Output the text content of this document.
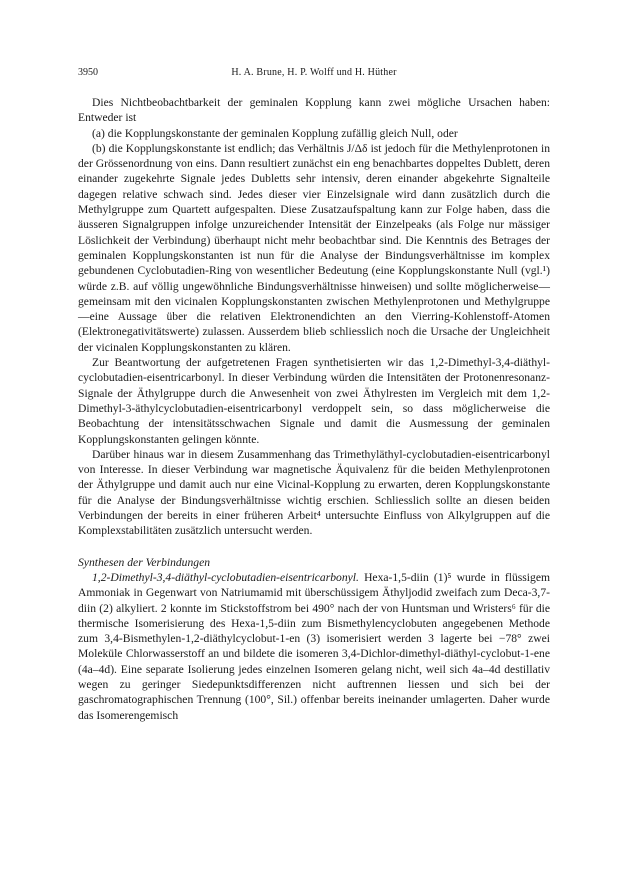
3950	H. A. Brune, H. P. Wolff und H. Hüther

Dies Nichtbeobachtbarkeit der geminalen Kopplung kann zwei mögliche Ursachen haben: Entweder ist

(a) die Kopplungskonstante der geminalen Kopplung zufällig gleich Null, oder

(b) die Kopplungskonstante ist endlich; das Verhältnis J/Δδ ist jedoch für die Methylenprotonen in der Grössenordnung von eins. Dann resultiert zunächst ein eng benachbartes doppeltes Dublett, deren einander zugekehrte Signale jedes Dubletts sehr intensiv, deren einander abgekehrte Signalteile dagegen relative schwach sind. Jedes dieser vier Einzelsignale wird dann zusätzlich durch die Methylgruppe zum Quartett aufgespalten. Diese Zusatzaufspaltung kann zur Folge haben, dass die äusseren Signalgruppen infolge unzureichender Intensität der Einzelpeaks (als Folge nur mässiger Löslichkeit der Verbindung) überhaupt nicht mehr beobachtbar sind. Die Kenntnis des Betrages der geminalen Kopplungskonstanten ist nun für die Analyse der Bindungsverhältnisse im komplex gebundenen Cyclobutadien-Ring von wesentlicher Bedeutung (eine Kopplungskonstante Null (vgl.¹) würde z.B. auf völlig ungewöhnliche Bindungsverhältnisse hinweisen) und sollte möglicherweise—gemeinsam mit den vicinalen Kopplungskonstanten zwischen Methylenprotonen und Methylgruppe—eine Aussage über die relativen Elektronendichten an den Vierring-Kohlenstoff-Atomen (Elektronegativitätswerte) zulassen. Ausserdem blieb schliesslich noch die Ursache der Ungleichheit der vicinalen Kopplungskonstanten zu klären.

Zur Beantwortung der aufgetretenen Fragen synthetisierten wir das 1,2-Dimethyl-3,4-diäthyl-cyclobutadien-eisentricarbonyl. In dieser Verbindung würden die Intensitäten der Protonenresonanz-Signale der Äthylgruppe durch die Anwesenheit von zwei Äthylresten im Vergleich mit dem 1,2-Dimethyl-3-äthylcyclobutadien-eisentricarbonyl verdoppelt sein, so dass möglicherweise die Beobachtung der intensitätsschwachen Signale und damit die Ausmessung der geminalen Kopplungskonstanten gelingen könnte.

Darüber hinaus war in diesem Zusammenhang das Trimethyläthyl-cyclobutadien-eisentricarbonyl von Interesse. In dieser Verbindung war magnetische Äquivalenz für die beiden Methylenprotonen der Äthylgruppe und damit auch nur eine Vicinal-Kopplung zu erwarten, deren Kopplungskonstante für die Analyse der Bindungsverhältnisse wichtig erschien. Schliesslich sollte an diesen beiden Verbindungen der bereits in einer früheren Arbeit⁴ untersuchte Einfluss von Alkylgruppen auf die Komplexstabilitäten zusätzlich untersucht werden.

Synthesen der Verbindungen

1,2-Dimethyl-3,4-diäthyl-cyclobutadien-eisentricarbonyl. Hexa-1,5-diin (1)⁵ wurde in flüssigem Ammoniak in Gegenwart von Natriumamid mit überschüssigem Äthyljodid zweifach zum Deca-3,7-diin (2) alkyliert. 2 konnte im Stickstoffstrom bei 490° nach der von Huntsman und Wristers⁶ für die thermische Isomerisierung des Hexa-1,5-diin zum Bismethylencyclobuten angegebenen Methode zum 3,4-Bismethylen-1,2-diäthylcyclobut-1-en (3) isomerisiert werden 3 lagerte bei −78° zwei Moleküle Chlorwasserstoff an und bildete die isomeren 3,4-Dichlor-dimethyl-diäthyl-cyclobut-1-ene (4a–4d). Eine separate Isolierung jedes einzelnen Isomeren gelang nicht, weil sich 4a–4d destillativ wegen zu geringer Siedepunktsdifferenzen nicht auftrennen liessen und sich bei der gaschromatographischen Trennung (100°, Sil.) offenbar bereits ineinander umlagerten. Daher wurde das Isomerengemisch
